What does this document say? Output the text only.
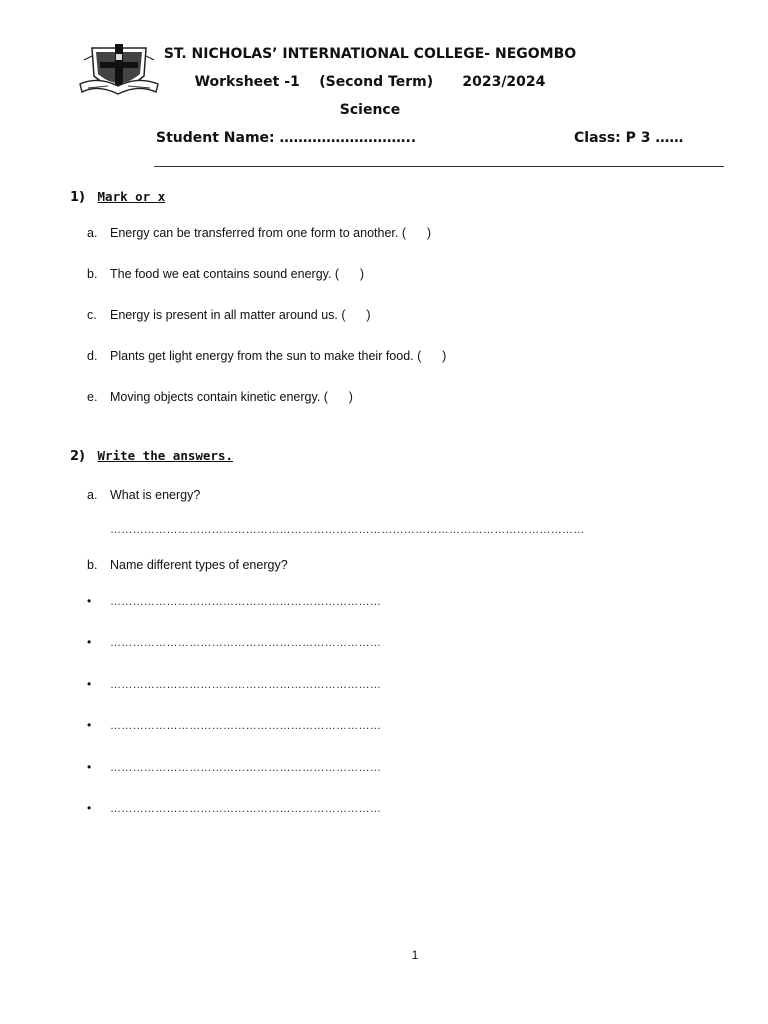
ST. NICHOLAS’ INTERNATIONAL COLLEGE- NEGOMBO
Worksheet -1    (Second Term)      2023/2024
Science
Student Name: ………………………..	Class: P 3 ……
1) Mark or x
a. Energy can be transferred from one form to another. (      )
b. The food we eat contains sound energy. (      )
c. Energy is present in all matter around us. (      )
d. Plants get light energy from the sun to make their food. (      )
e. Moving objects contain kinetic energy. (      )
2) Write the answers.
a. What is energy?
………………………………………………………………………………………………………………
b. Name different types of energy?
• ………………………………………………………………
• ………………………………………………………………
• ………………………………………………………………
• ………………………………………………………………
• ………………………………………………………………
• ………………………………………………………………
1
